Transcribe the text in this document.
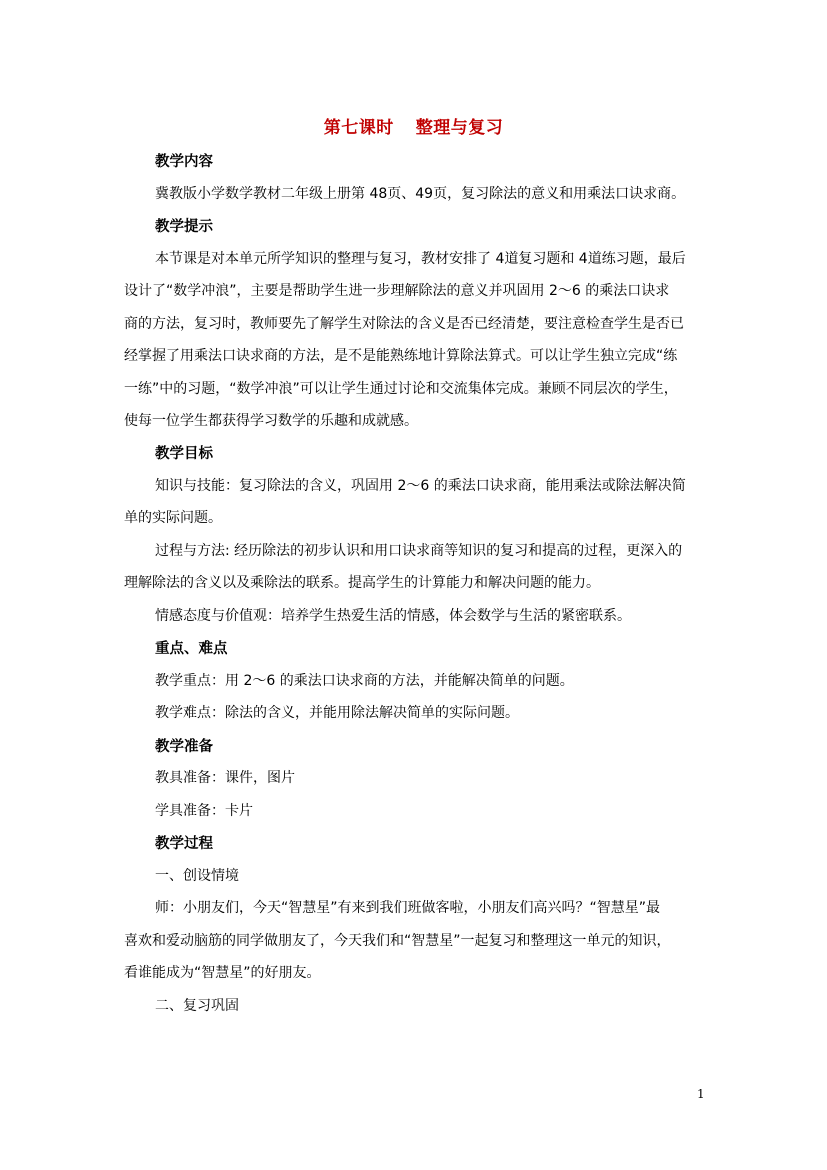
第七课时 整理与复习
教学内容
冀教版小学数学教材二年级上册第 48页、49页，复习除法的意义和用乘法口诀求商。
教学提示
本节课是对本单元所学知识的整理与复习，教材安排了 4道复习题和 4道练习题，最后
设计了“数学冲浪”，主要是帮助学生进一步理解除法的意义并巩固用 2～6 的乘法口诀求
商的方法，复习时，教师要先了解学生对除法的含义是否已经清楚，要注意检查学生是否已
经掌握了用乘法口诀求商的方法，是不是能熟练地计算除法算式。可以让学生独立完成“练
一练”中的习题，“数学冲浪”可以让学生通过讨论和交流集体完成。兼顾不同层次的学生，
使每一位学生都获得学习数学的乐趣和成就感。
教学目标
知识与技能：复习除法的含义，巩固用 2～6 的乘法口诀求商，能用乘法或除法解决简
单的实际问题。
过程与方法: 经历除法的初步认识和用口诀求商等知识的复习和提高的过程，更深入的
理解除法的含义以及乘除法的联系。提高学生的计算能力和解决问题的能力。
情感态度与价值观：培养学生热爱生活的情感，体会数学与生活的紧密联系。
重点、难点
教学重点：用 2～6 的乘法口诀求商的方法，并能解决简单的问题。
教学难点：除法的含义，并能用除法解决简单的实际问题。
教学准备
教具准备：课件，图片
学具准备：卡片
教学过程
一、创设情境
师：小朋友们，今天“智慧星”有来到我们班做客啦，小朋友们高兴吗？“智慧星”最
喜欢和爱动脑筋的同学做朋友了，今天我们和“智慧星”一起复习和整理这一单元的知识，
看谁能成为“智慧星”的好朋友。
二、复习巩固
1
